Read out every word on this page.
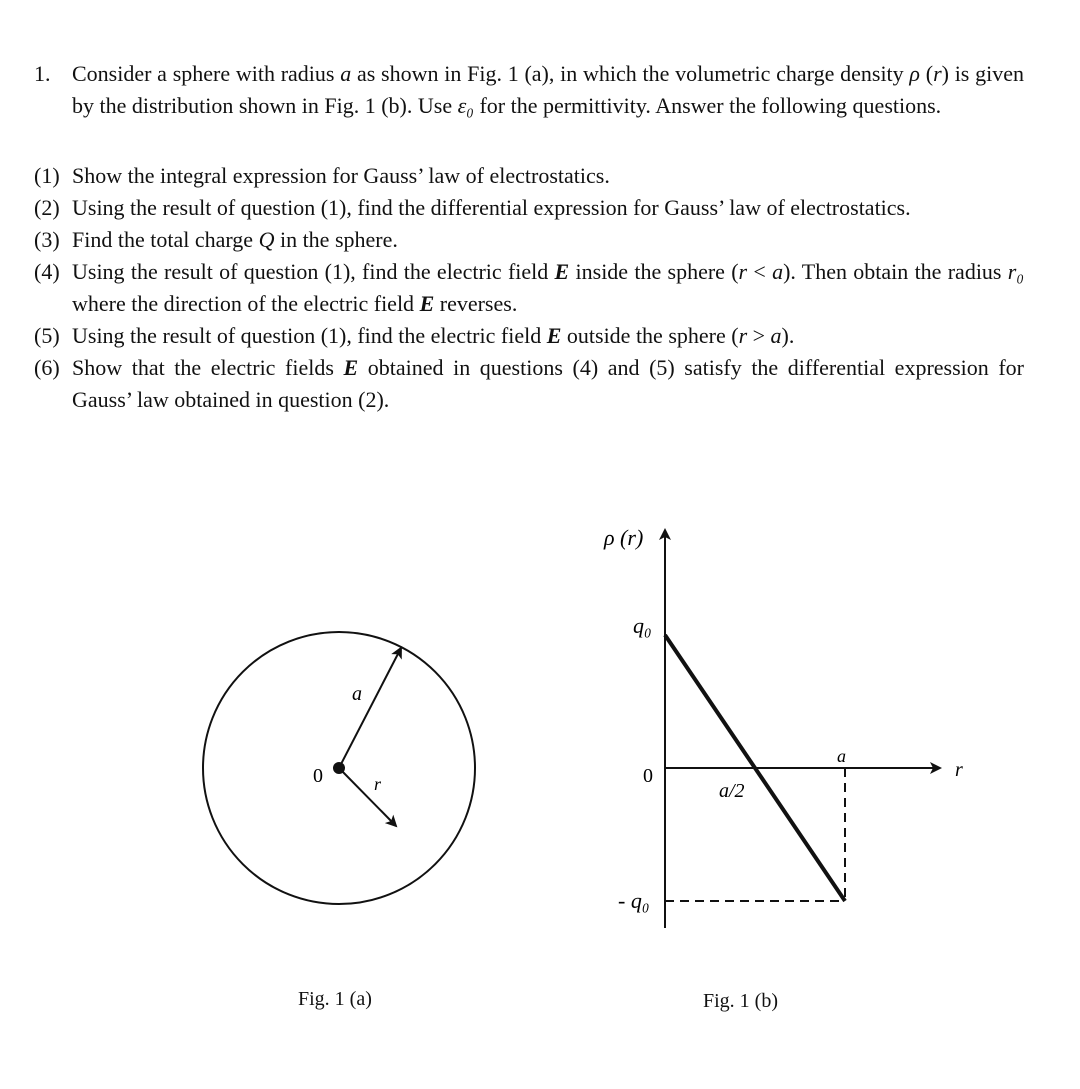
1. Consider a sphere with radius a as shown in Fig. 1 (a), in which the volumetric charge density ρ (r) is given by the distribution shown in Fig. 1 (b). Use ε₀ for the permittivity. Answer the following questions.
(1) Show the integral expression for Gauss’ law of electrostatics.
(2) Using the result of question (1), find the differential expression for Gauss’ law of electrostatics.
(3) Find the total charge Q in the sphere.
(4) Using the result of question (1), find the electric field E inside the sphere (r < a). Then obtain the radius r₀ where the direction of the electric field E reverses.
(5) Using the result of question (1), find the electric field E outside the sphere (r > a).
(6) Show that the electric fields E obtained in questions (4) and (5) satisfy the differential expression for Gauss’ law obtained in question (2).
0
a
r
ρ (r)
r
q₀
0
- q₀
a
a/2
Fig. 1 (a)	Fig. 1 (b)
